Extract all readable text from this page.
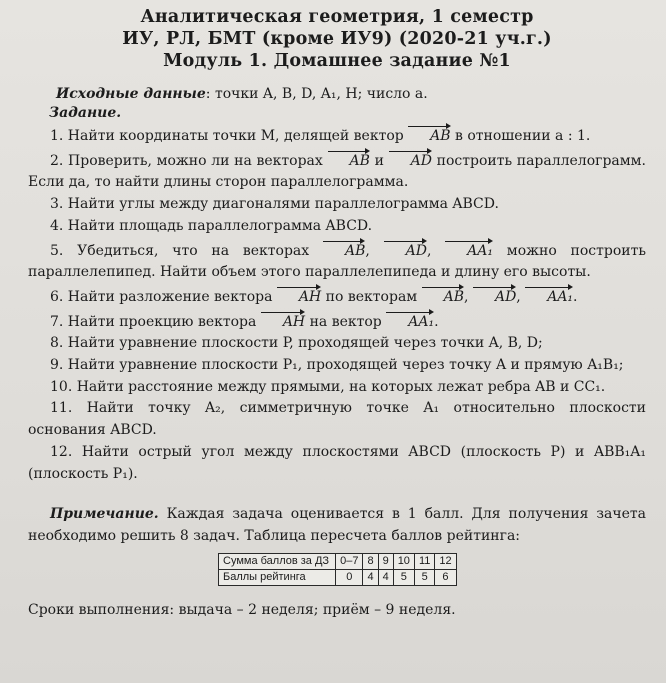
Аналитическая геометрия, 1 семестр
ИУ, РЛ, БМТ (кроме ИУ9) (2020-21 уч.г.)
Модуль 1. Домашнее задание №1
Исходные данные: точки A, B, D, A₁, H; число a.
Задание.
1. Найти координаты точки M, делящей вектор AB в отношении a : 1.
2. Проверить, можно ли на векторах AB и AD построить параллелограмм. Если да, то найти длины сторон параллелограмма.
3. Найти углы между диагоналями параллелограмма ABCD.
4. Найти площадь параллелограмма ABCD.
5. Убедиться, что на векторах AB, AD, AA₁ можно построить параллелепипед. Найти объем этого параллелепипеда и длину его высоты.
6. Найти разложение вектора AH по векторам AB, AD, AA₁.
7. Найти проекцию вектора AH на вектор AA₁.
8. Найти уравнение плоскости P, проходящей через точки A, B, D;
9. Найти уравнение плоскости P₁, проходящей через точку A и прямую A₁B₁;
10. Найти расстояние между прямыми, на которых лежат ребра AB и CC₁.
11. Найти точку A₂, симметричную точке A₁ относительно плоскости основания ABCD.
12. Найти острый угол между плоскостями ABCD (плоскость P) и ABB₁A₁ (плоскость P₁).
Примечание. Каждая задача оценивается в 1 балл. Для получения зачета необходимо решить 8 задач. Таблица пересчета баллов рейтинга:
Сумма баллов за ДЗ	0–7	8	9	10	11	12
Баллы рейтинга	0	4	4	5	5	6
Сроки выполнения: выдача – 2 неделя; приём – 9 неделя.
